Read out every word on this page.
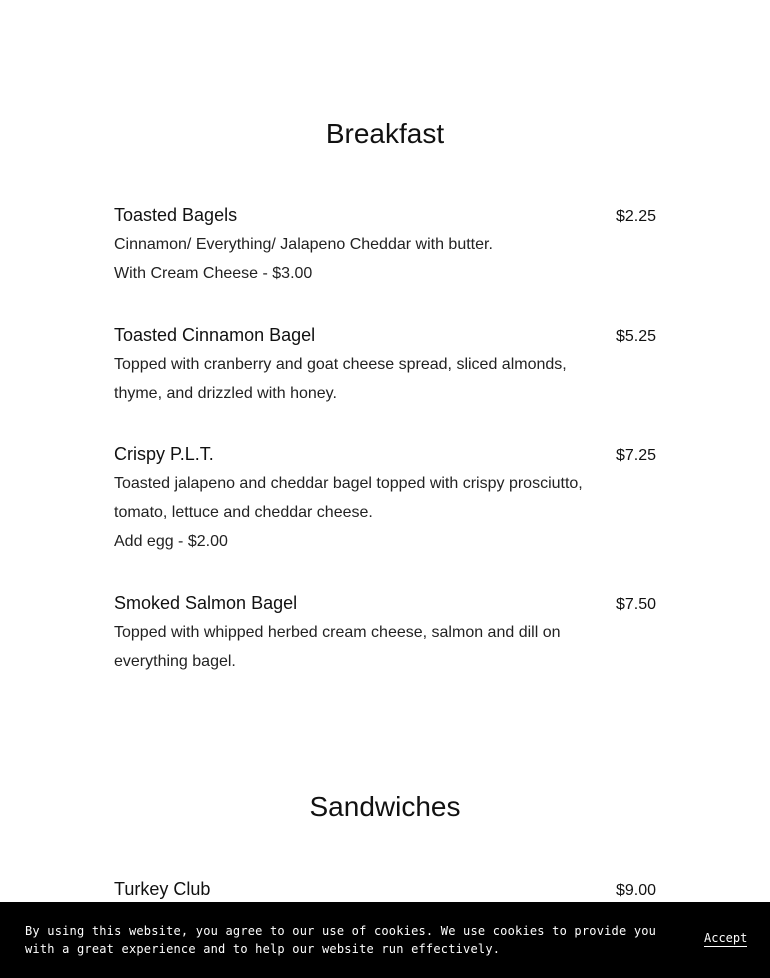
Breakfast
Toasted Bagels	$2.25
Cinnamon/ Everything/ Jalapeno Cheddar with butter.
With Cream Cheese - $3.00
Toasted Cinnamon Bagel	$5.25
Topped with cranberry and goat cheese spread, sliced almonds, thyme, and drizzled with honey.
Crispy P.L.T.	$7.25
Toasted jalapeno and cheddar bagel topped with crispy prosciutto, tomato, lettuce and cheddar cheese.
Add egg - $2.00
Smoked Salmon Bagel	$7.50
Topped with whipped herbed cream cheese, salmon and dill on everything bagel.
Sandwiches
Turkey Club	$9.00
By using this website, you agree to our use of cookies. We use cookies to provide you with a great experience and to help our website run effectively.
Accept
